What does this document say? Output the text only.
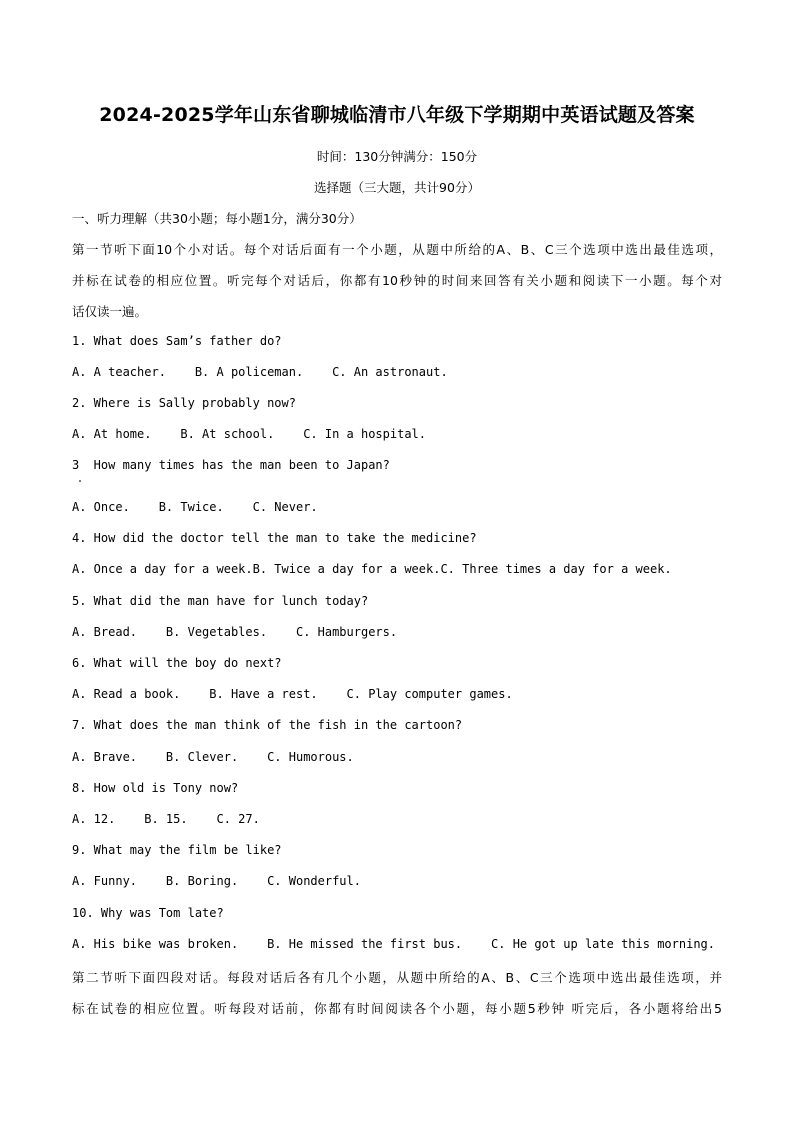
2024-2025学年山东省聊城临清市八年级下学期期中英语试题及答案
时间：130分钟满分：150分
选择题（三大题，共计90分）
一、听力理解（共30小题；每小题1分，满分30分）
第一节听下面10个小对话。每个对话后面有一个小题，从题中所给的A、B、C三个选项中选出最佳选项，
并标在试卷的相应位置。听完每个对话后，你都有10秒钟的时间来回答有关小题和阅读下一小题。每个对
话仅读一遍。
1. What does Sam’s father do?
A. A teacher.    B. A policeman.    C. An astronaut.
2. Where is Sally probably now?
A. At home.    B. At school.    C. In a hospital.
3  How many times has the man been to Japan?
A. Once.    B. Twice.    C. Never.
4. How did the doctor tell the man to take the medicine?
A. Once a day for a week.B. Twice a day for a week.C. Three times a day for a week.
5. What did the man have for lunch today?
A. Bread.    B. Vegetables.    C. Hamburgers.
6. What will the boy do next?
A. Read a book.    B. Have a rest.    C. Play computer games.
7. What does the man think of the fish in the cartoon?
A. Brave.    B. Clever.    C. Humorous.
8. How old is Tony now?
A. 12.    B. 15.    C. 27.
9. What may the film be like?
A. Funny.    B. Boring.    C. Wonderful.
10. Why was Tom late?
A. His bike was broken.    B. He missed the first bus.    C. He got up late this morning.
第二节听下面四段对话。每段对话后各有几个小题，从题中所给的A、B、C三个选项中选出最佳选项，并
标在试卷的相应位置。听每段对话前，你都有时间阅读各个小题，每小题5秒钟 听完后，各小题将给出5
